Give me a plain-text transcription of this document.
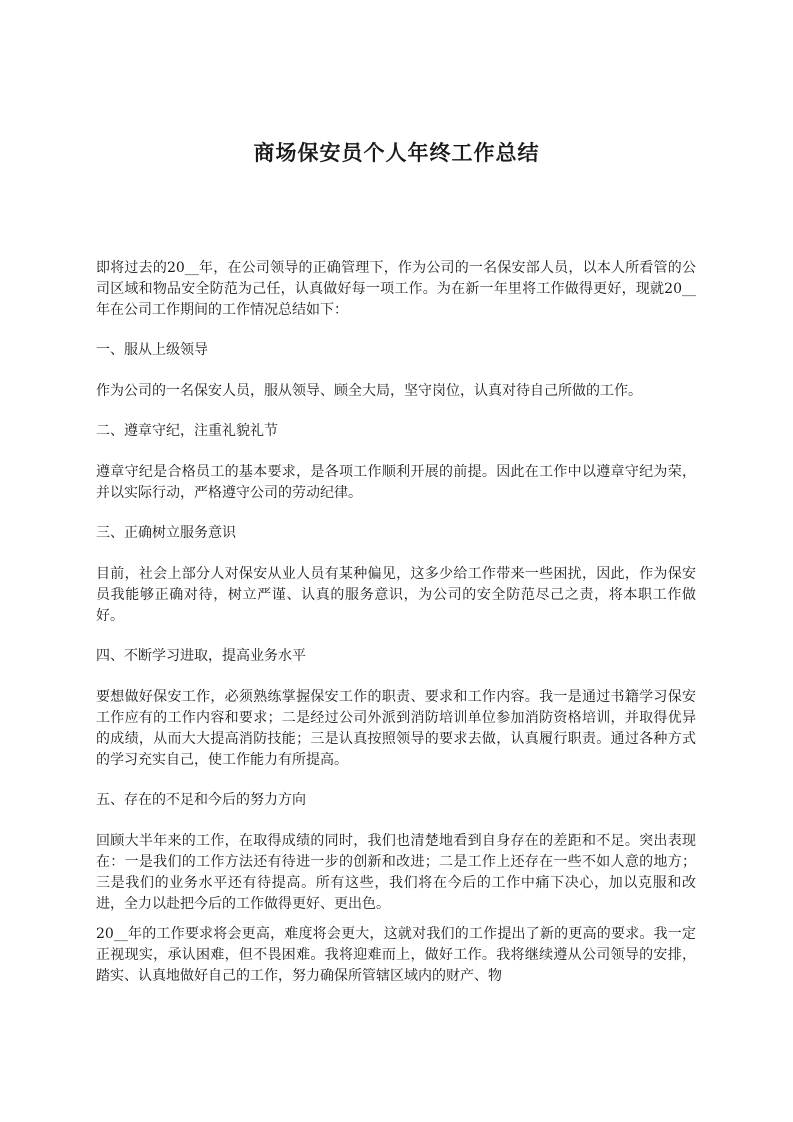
商场保安员个人年终工作总结

即将过去的20__年，在公司领导的正确管理下，作为公司的一名保安部人员，以本人所看管的公司区域和物品安全防范为己任，认真做好每一项工作。为在新一年里将工作做得更好，现就20__年在公司工作期间的工作情况总结如下：

一、服从上级领导

作为公司的一名保安人员，服从领导、顾全大局，坚守岗位，认真对待自己所做的工作。

二、遵章守纪，注重礼貌礼节

遵章守纪是合格员工的基本要求，是各项工作顺利开展的前提。因此在工作中以遵章守纪为荣，并以实际行动，严格遵守公司的劳动纪律。

三、正确树立服务意识

目前，社会上部分人对保安从业人员有某种偏见，这多少给工作带来一些困扰，因此，作为保安员我能够正确对待，树立严谨、认真的服务意识，为公司的安全防范尽己之责，将本职工作做好。

四、不断学习进取，提高业务水平

要想做好保安工作，必须熟练掌握保安工作的职责、要求和工作内容。我一是通过书籍学习保安工作应有的工作内容和要求；二是经过公司外派到消防培训单位参加消防资格培训，并取得优异的成绩，从而大大提高消防技能；三是认真按照领导的要求去做，认真履行职责。通过各种方式的学习充实自己，使工作能力有所提高。

五、存在的不足和今后的努力方向

回顾大半年来的工作，在取得成绩的同时，我们也清楚地看到自身存在的差距和不足。突出表现在：一是我们的工作方法还有待进一步的创新和改进；二是工作上还存在一些不如人意的地方；三是我们的业务水平还有待提高。所有这些，我们将在今后的工作中痛下决心，加以克服和改进，全力以赴把今后的工作做得更好、更出色。

20__年的工作要求将会更高，难度将会更大，这就对我们的工作提出了新的更高的要求。我一定正视现实，承认困难，但不畏困难。我将迎难而上，做好工作。我将继续遵从公司领导的安排，踏实、认真地做好自己的工作，努力确保所管辖区域内的财产、物
